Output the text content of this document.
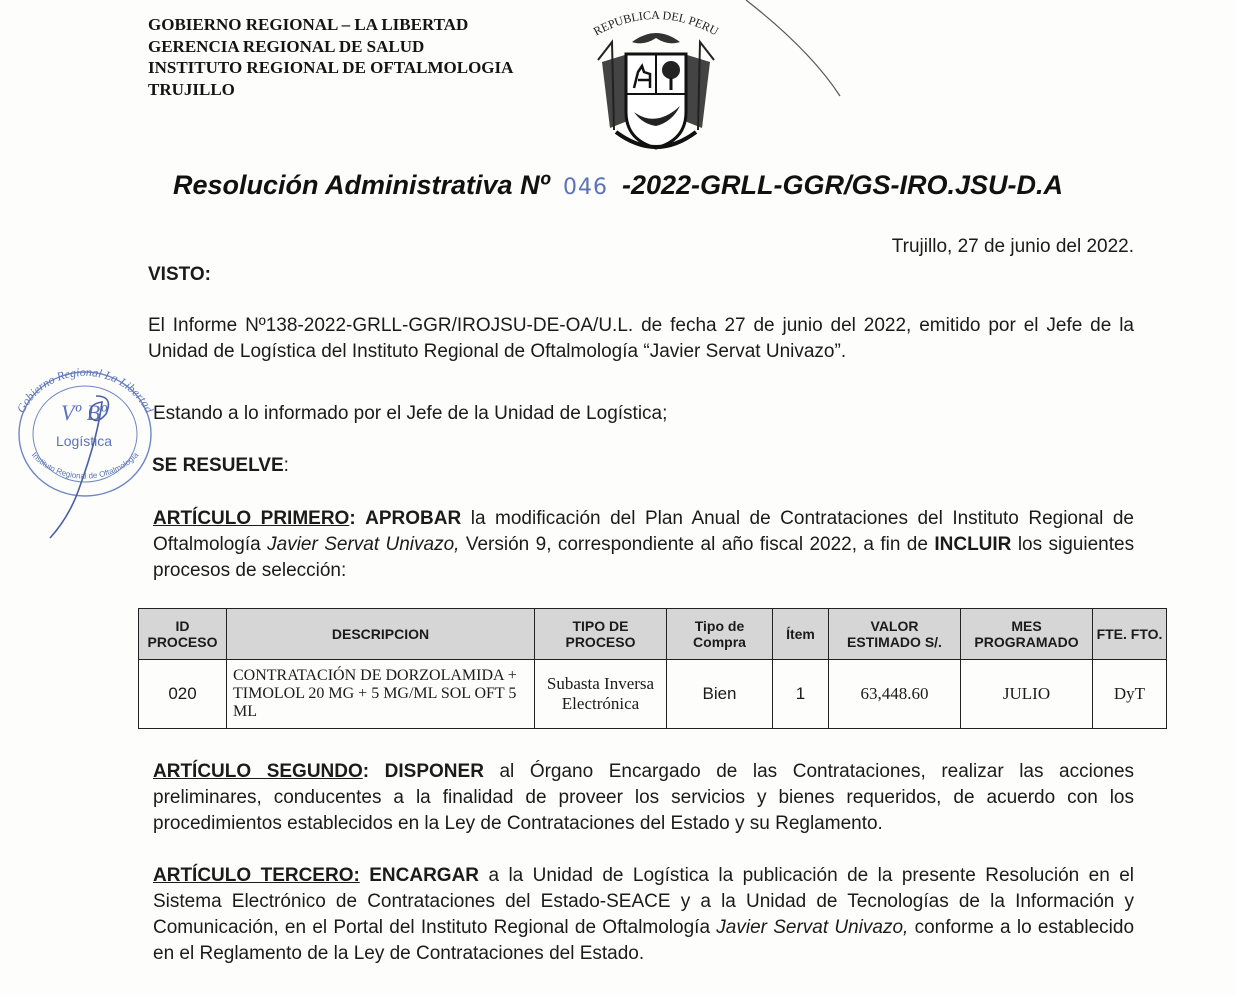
GOBIERNO REGIONAL – LA LIBERTAD
GERENCIA REGIONAL DE SALUD
INSTITUTO REGIONAL DE OFTALMOLOGIA
TRUJILLO
REPUBLICA DEL PERU
Resolución Administrativa Nº 046 -2022-GRLL-GGR/GS-IRO.JSU-D.A
Trujillo, 27 de junio del 2022.
VISTO:
El Informe Nº138-2022-GRLL-GGR/IROJSU-DE-OA/U.L. de fecha 27 de junio del 2022, emitido por el Jefe de la Unidad de Logística del Instituto Regional de Oftalmología “Javier Servat Univazo”.
Estando a lo informado por el Jefe de la Unidad de Logística;
SE RESUELVE:
ARTÍCULO PRIMERO: APROBAR la modificación del Plan Anual de Contrataciones del Instituto Regional de Oftalmología Javier Servat Univazo, Versión 9, correspondiente al año fiscal 2022, a fin de INCLUIR los siguientes procesos de selección:
ID PROCESO	DESCRIPCION	TIPO DE PROCESO	Tipo de Compra	Ítem	VALOR ESTIMADO S/.	MES PROGRAMADO	FTE. FTO.
020	CONTRATACIÓN DE DORZOLAMIDA + TIMOLOL 20 MG + 5 MG/ML SOL OFT 5 ML	Subasta Inversa Electrónica	Bien	1	63,448.60	JULIO	DyT
ARTÍCULO SEGUNDO: DISPONER al Órgano Encargado de las Contrataciones, realizar las acciones preliminares, conducentes a la finalidad de proveer los servicios y bienes requeridos, de acuerdo con los procedimientos establecidos en la Ley de Contrataciones del Estado y su Reglamento.
ARTÍCULO TERCERO: ENCARGAR a la Unidad de Logística la publicación de la presente Resolución en el Sistema Electrónico de Contrataciones del Estado-SEACE y a la Unidad de Tecnologías de la Información y Comunicación, en el Portal del Instituto Regional de Oftalmología Javier Servat Univazo, conforme a lo establecido en el Reglamento de la Ley de Contrataciones del Estado.
Gobierno Regional La Libertad
Instituto Regional de Oftalmología
Vº Bº
Logística
